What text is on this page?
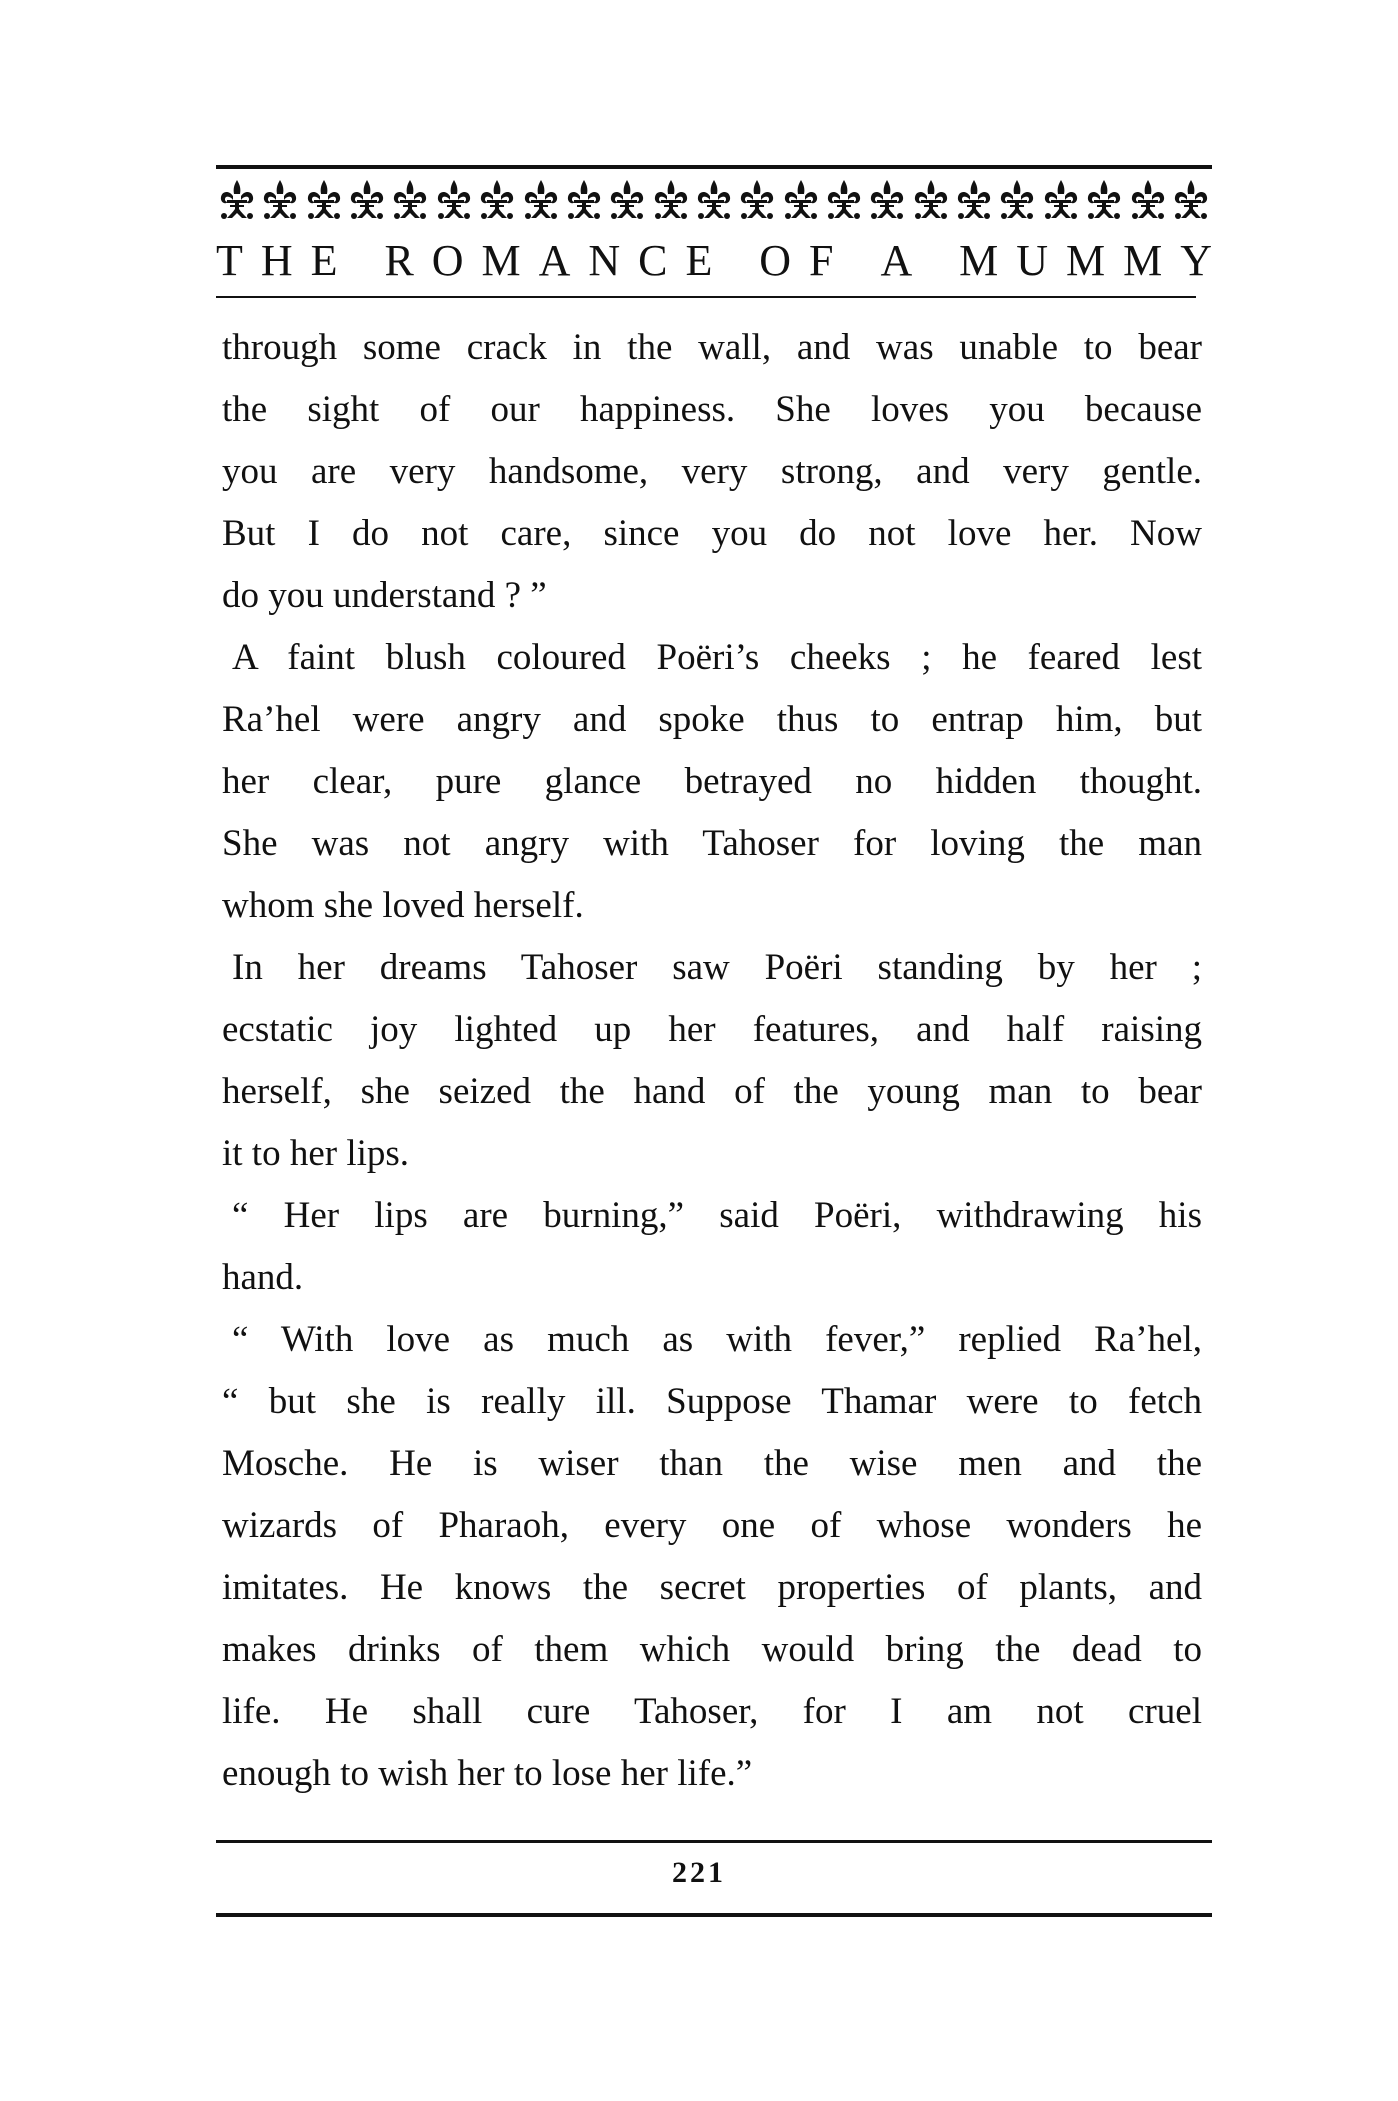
T H E
R O M A N C E
O F
A
M U M M Y
through some crack in the wall, and was unable to bear
the sight of our happiness. She loves you because
you are very handsome, very strong, and very gentle.
But I do not care, since you do not love her. Now
do you understand ? ”
A faint blush coloured Poëri’s cheeks ; he feared lest
Ra’hel were angry and spoke thus to entrap him, but
her clear, pure glance betrayed no hidden thought.
She was not angry with Tahoser for loving the man
whom she loved herself.
In her dreams Tahoser saw Poëri standing by her ;
ecstatic joy lighted up her features, and half raising
herself, she seized the hand of the young man to bear
it to her lips.
“ Her lips are burning,” said Poëri, withdrawing his
hand.
“ With love as much as with fever,” replied Ra’hel,
“ but she is really ill. Suppose Thamar were to fetch
Mosche. He is wiser than the wise men and the
wizards of Pharaoh, every one of whose wonders he
imitates. He knows the secret properties of plants, and
makes drinks of them which would bring the dead to
life. He shall cure Tahoser, for I am not cruel
enough to wish her to lose her life.”
221
